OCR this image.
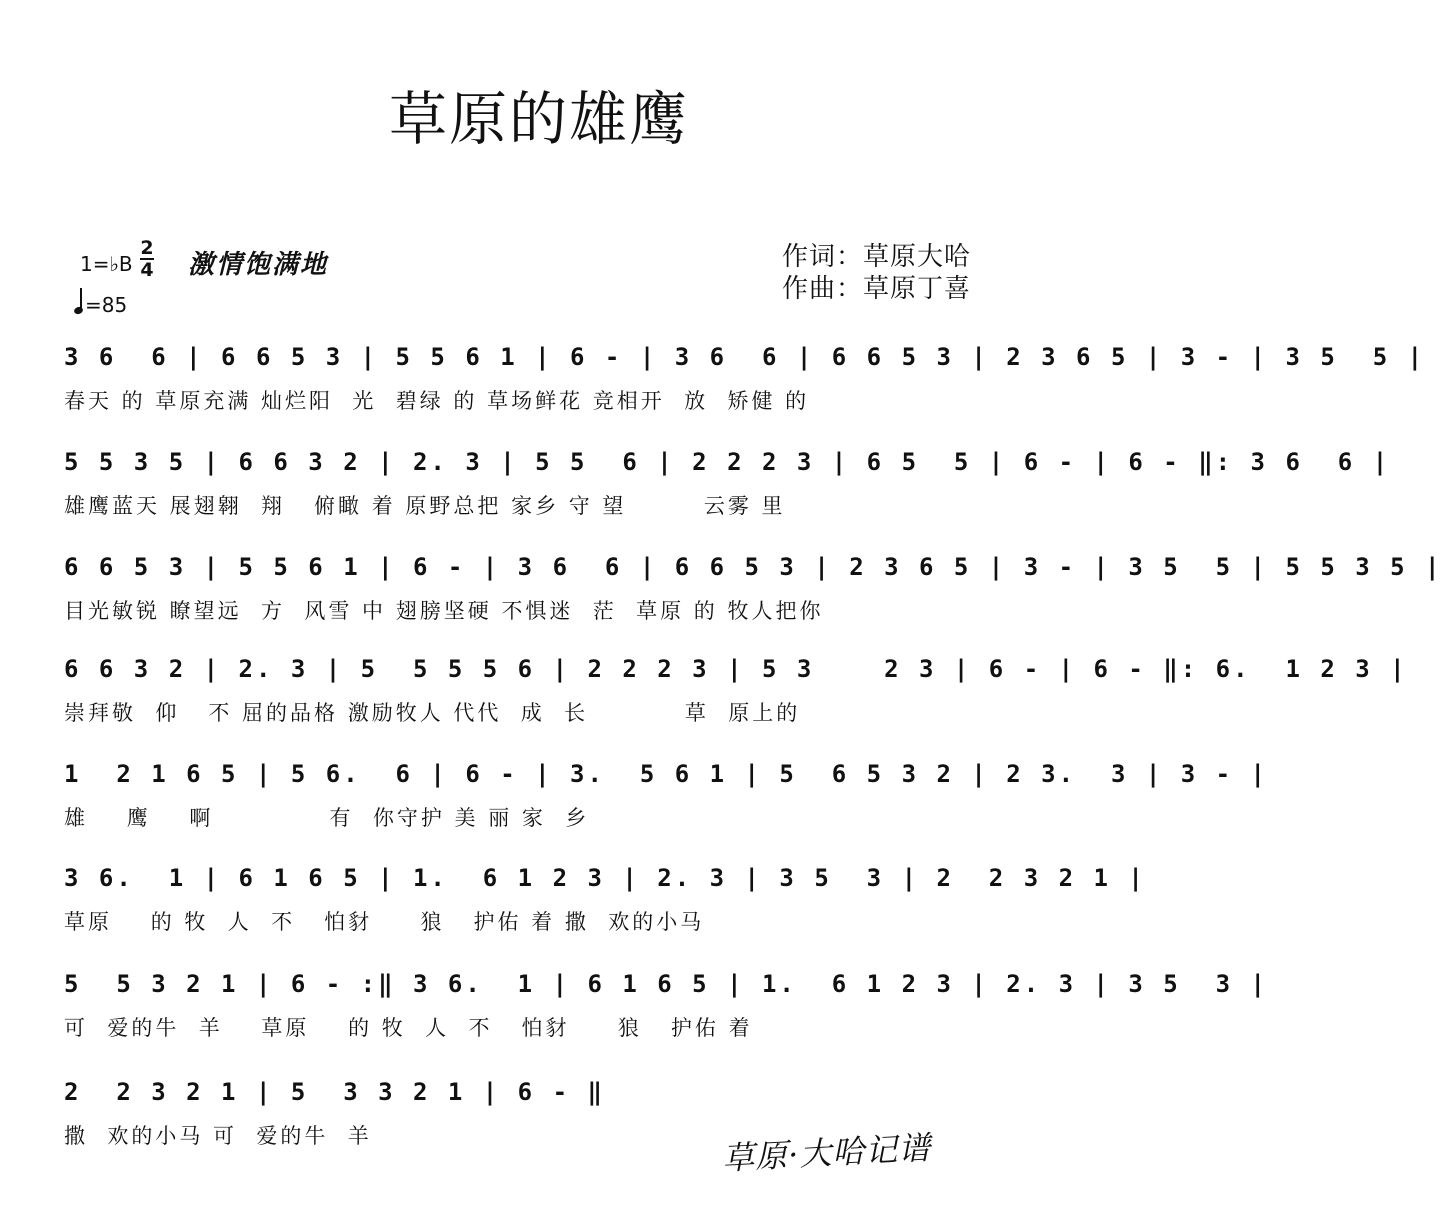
草原的雄鹰
1=♭B
2
4
=85
激情饱满地	作词：草原大哈
作曲：草原丁喜
3 6  6 | 6 6 5 3 | 5 5 6 1 | 6 - | 3 6  6 | 6 6 5 3 | 2 3 6 5 | 3 - | 3 5  5 |
春天 的 草原充满 灿烂阳  光  碧绿 的 草场鲜花 竞相开  放  矫健 的
5 5 3 5 | 6 6 3 2 | 2. 3 | 5 5  6 | 2 2 2 3 | 6 5  5 | 6 - | 6 - ‖: 3 6  6 |
雄鹰蓝天 展翅翱  翔   俯瞰 着 原野总把 家乡 守 望        云雾 里
6 6 5 3 | 5 5 6 1 | 6 - | 3 6  6 | 6 6 5 3 | 2 3 6 5 | 3 - | 3 5  5 | 5 5 3 5 |
目光敏锐 瞭望远  方  风雪 中 翅膀坚硬 不惧迷  茫  草原 的 牧人把你
6 6 3 2 | 2. 3 | 5  5 5 5 6 | 2 2 2 3 | 5 3    2 3 | 6 - | 6 - ‖: 6.  1 2 3 |
崇拜敬  仰   不 屈的品格 激励牧人 代代  成  长          草  原上的
1  2 1 6 5 | 5 6.  6 | 6 - | 3.  5 6 1 | 5  6 5 3 2 | 2 3.  3 | 3 - |
雄    鹰    啊            有  你守护 美 丽 家  乡
3 6.  1 | 6 1 6 5 | 1.  6 1 2 3 | 2. 3 | 3 5  3 | 2  2 3 2 1 |
草原    的 牧  人  不   怕豺     狼   护佑 着 撒  欢的小马
5  5 3 2 1 | 6 - :‖ 3 6.  1 | 6 1 6 5 | 1.  6 1 2 3 | 2. 3 | 3 5  3 |
可  爱的牛  羊    草原    的 牧  人  不   怕豺     狼   护佑 着
2  2 3 2 1 | 5  3 3 2 1 | 6 - ‖
撒  欢的小马 可  爱的牛  羊	草原·大哈记谱
